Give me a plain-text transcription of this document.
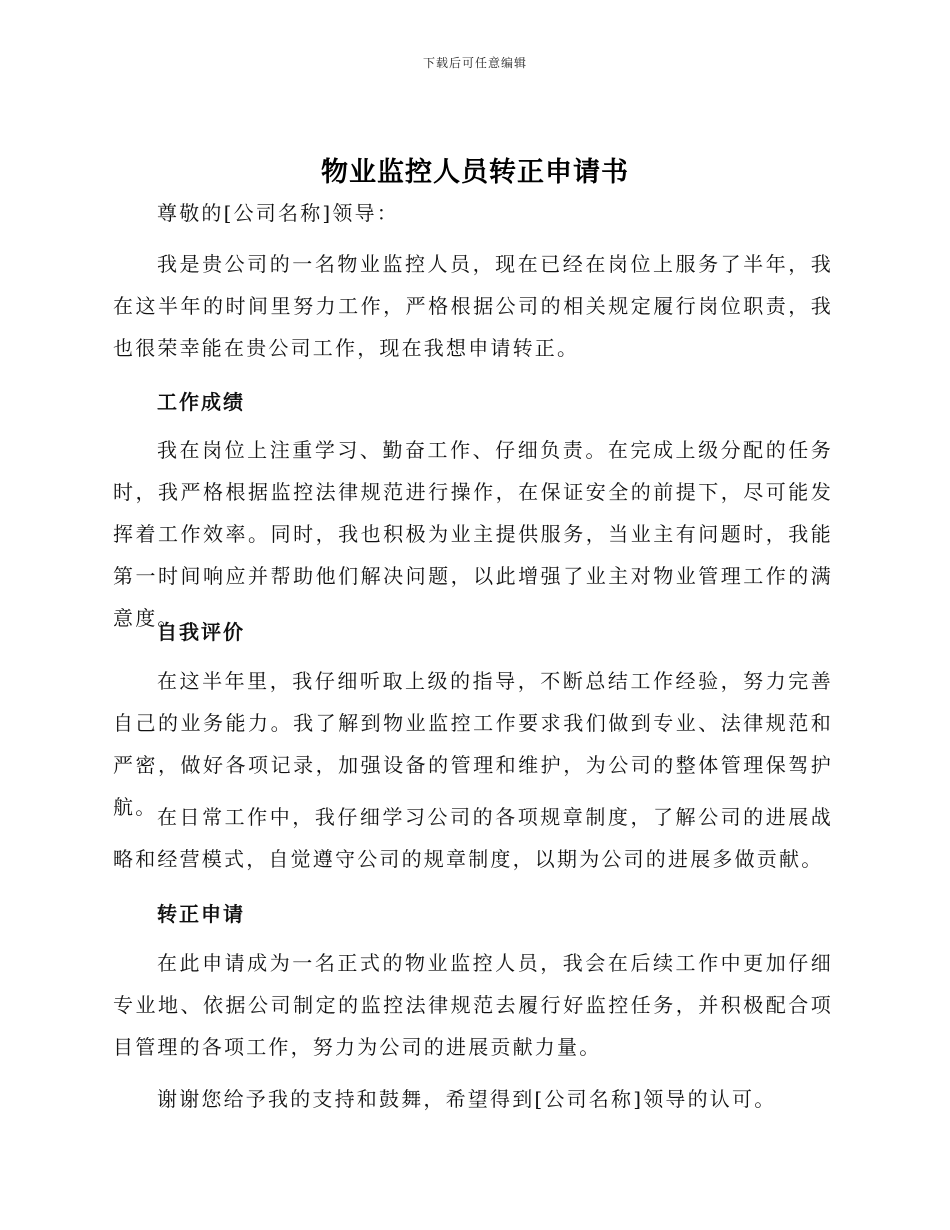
下载后可任意编辑
物业监控人员转正申请书

尊敬的[公司名称]领导：

我是贵公司的一名物业监控人员，现在已经在岗位上服务了半年，我在这半年的时间里努力工作，严格根据公司的相关规定履行岗位职责，我也很荣幸能在贵公司工作，现在我想申请转正。

工作成绩

我在岗位上注重学习、勤奋工作、仔细负责。在完成上级分配的任务时，我严格根据监控法律规范进行操作，在保证安全的前提下，尽可能发挥着工作效率。同时，我也积极为业主提供服务，当业主有问题时，我能第一时间响应并帮助他们解决问题，以此增强了业主对物业管理工作的满意度。

自我评价

在这半年里，我仔细听取上级的指导，不断总结工作经验，努力完善自己的业务能力。我了解到物业监控工作要求我们做到专业、法律规范和严密，做好各项记录，加强设备的管理和维护，为公司的整体管理保驾护航。 在日常工作中，我仔细学习公司的各项规章制度，了解公司的进展战略和经营模式，自觉遵守公司的规章制度，以期为公司的进展多做贡献。

转正申请

在此申请成为一名正式的物业监控人员，我会在后续工作中更加仔细专业地、依据公司制定的监控法律规范去履行好监控任务，并积极配合项目管理的各项工作，努力为公司的进展贡献力量。

谢谢您给予我的支持和鼓舞，希望得到[公司名称]领导的认可。
